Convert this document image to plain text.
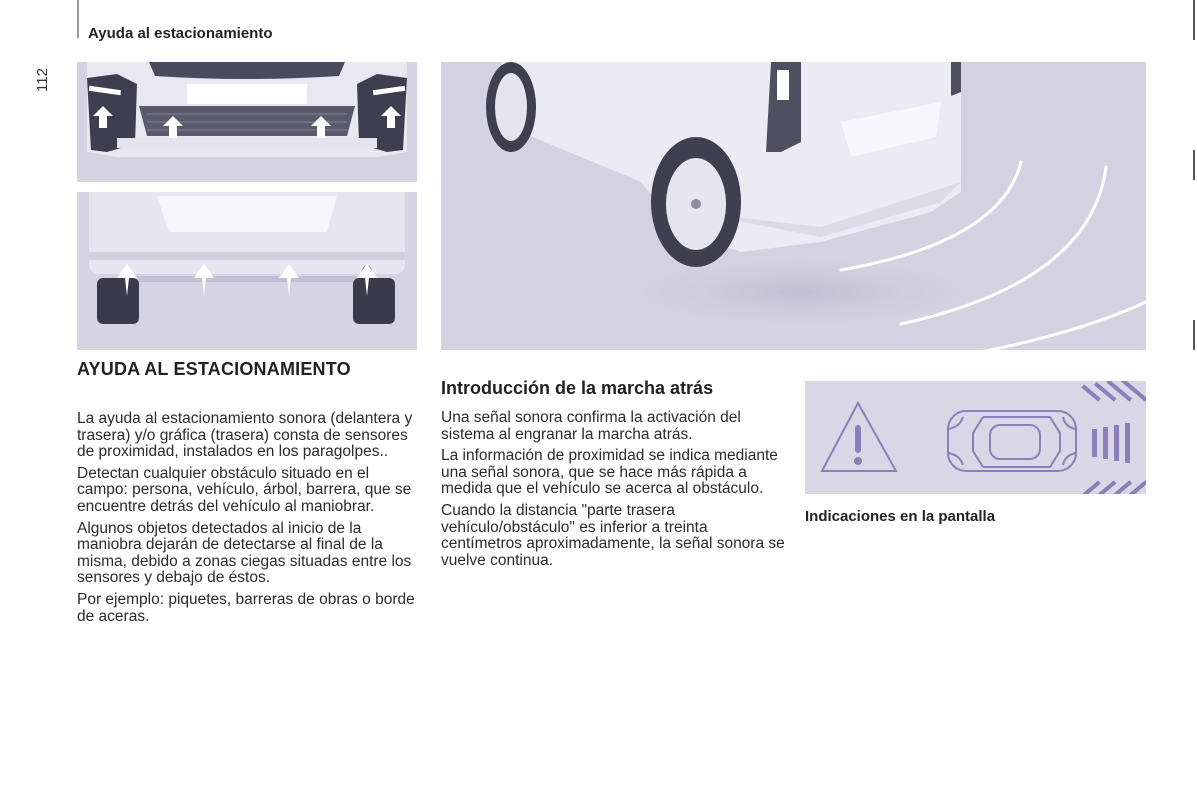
Ayuda al estacionamiento
112
AYUDA AL ESTACIONAMIENTO
Introducción de la marcha atrás
Indicaciones en la pantalla

La ayuda al estacionamiento sonora (delantera y trasera) y/o gráfica (trasera) consta de sensores de proximidad, instalados en los paragolpes..

Detectan cualquier obstáculo situado en el campo: persona, vehículo, árbol, barrera, que se encuentre detrás del vehículo al maniobrar.

Algunos objetos detectados al inicio de la maniobra dejarán de detectarse al final de la misma, debido a zonas ciegas situadas entre los sensores y debajo de éstos.

Por ejemplo: piquetes, barreras de obras o borde de aceras.

Una señal sonora confirma la activación del sistema al engranar la marcha atrás.

La información de proximidad se indica mediante una señal sonora, que se hace más rápida a medida que el vehículo se acerca al obstáculo.

Cuando la distancia "parte trasera vehículo/obstáculo" es inferior a treinta centímetros aproximadamente, la señal sonora se vuelve continua.
